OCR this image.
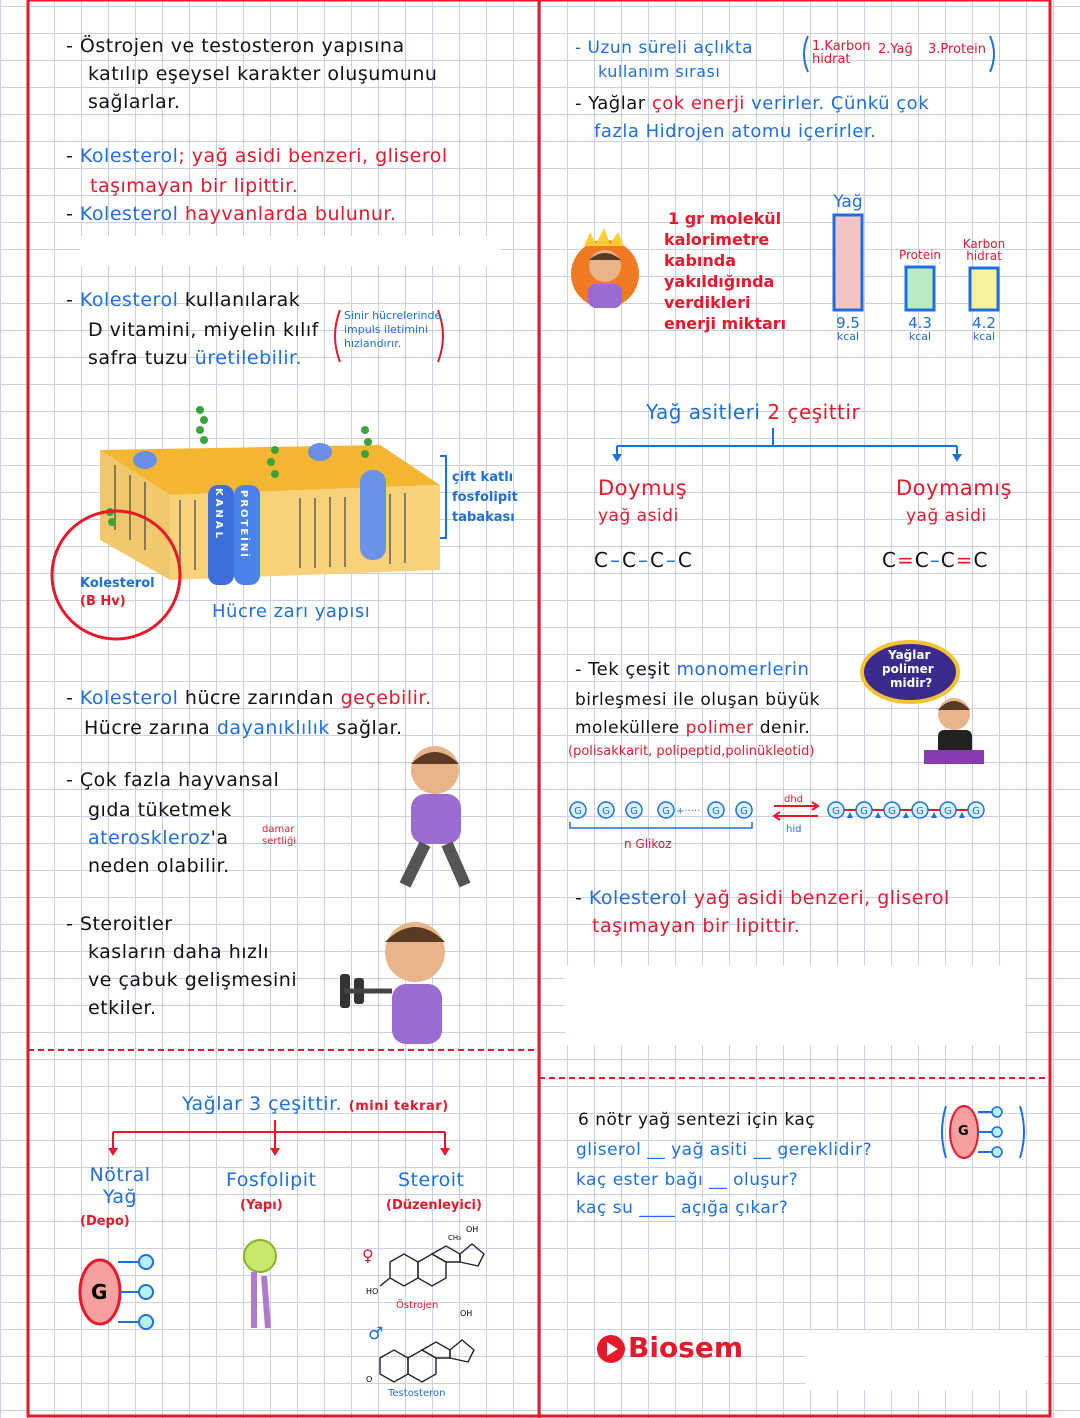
- Östrojen ve testosteron yapısına
katılıp eşeysel karakter oluşumunu
sağlarlar.
- Kolesterol; yağ asidi benzeri, gliserol
taşımayan bir lipittir.
- Kolesterol hayvanlarda bulunur.
- Kolesterol kullanılarak
D vitamini, miyelin kılıf
safra tuzu üretilebilir.
Sinir hücrelerinde
impuls iletimini
hızlandırır.
KANAL PROTEİNİ
çift katlı
fosfolipit
tabakası
Kolesterol
(B Hv)	Hücre zarı yapısı
- Kolesterol hücre zarından geçebilir.
Hücre zarına dayanıklılık sağlar.
- Çok fazla hayvansal
gıda tüketmek
ateroskleroz'a	damar
sertliği
neden olabilir.
- Steroitler
kasların daha hızlı
ve çabuk gelişmesini
etkiler.
Yağlar 3 çeşittir. (mini tekrar)
Nötral Yağ
(Depo)
Fosfolipit
(Yapı)
Steroit
(Düzenleyici)
G	HO
OH
CH₃
♀
Östrojen
OH
O
♂
Testosteron
- Uzun süreli açlıkta
kullanım sırası
1.Karbon hidrat
2.Yağ 3.Protein
- Yağlar çok enerji verirler. Çünkü çok
fazla Hidrojen atomu içerirler.
1 gr molekül
kalorimetre
kabında
yakıldığında
verdikleri
enerji miktarı
Yağ
9.5
kcal
Protein
4.3
kcal
Karbon hidrat
4.2
kcal
Yağ asitleri 2 çeşittir
Doymuş
yağ asidi
C–C–C–C
Doymamış
yağ asidi
C=C–C=C
Yağlar
polimer
midir?
- Tek çeşit monomerlerin
birleşmesi ile oluşan büyük
moleküllere polimer denir.
(polisakkarit, polipeptid,polinükleotid)
G G G G	G G
+·····
dhd
hid
G G G G G G
n Glikoz
- Kolesterol yağ asidi benzeri, gliserol
taşımayan bir lipittir.
6 nötr yağ sentezi için kaç
gliserol __ yağ asiti __ gereklidir?
kaç ester bağı __ oluşur?
kaç su ____ açığa çıkar?
G
Biosem
